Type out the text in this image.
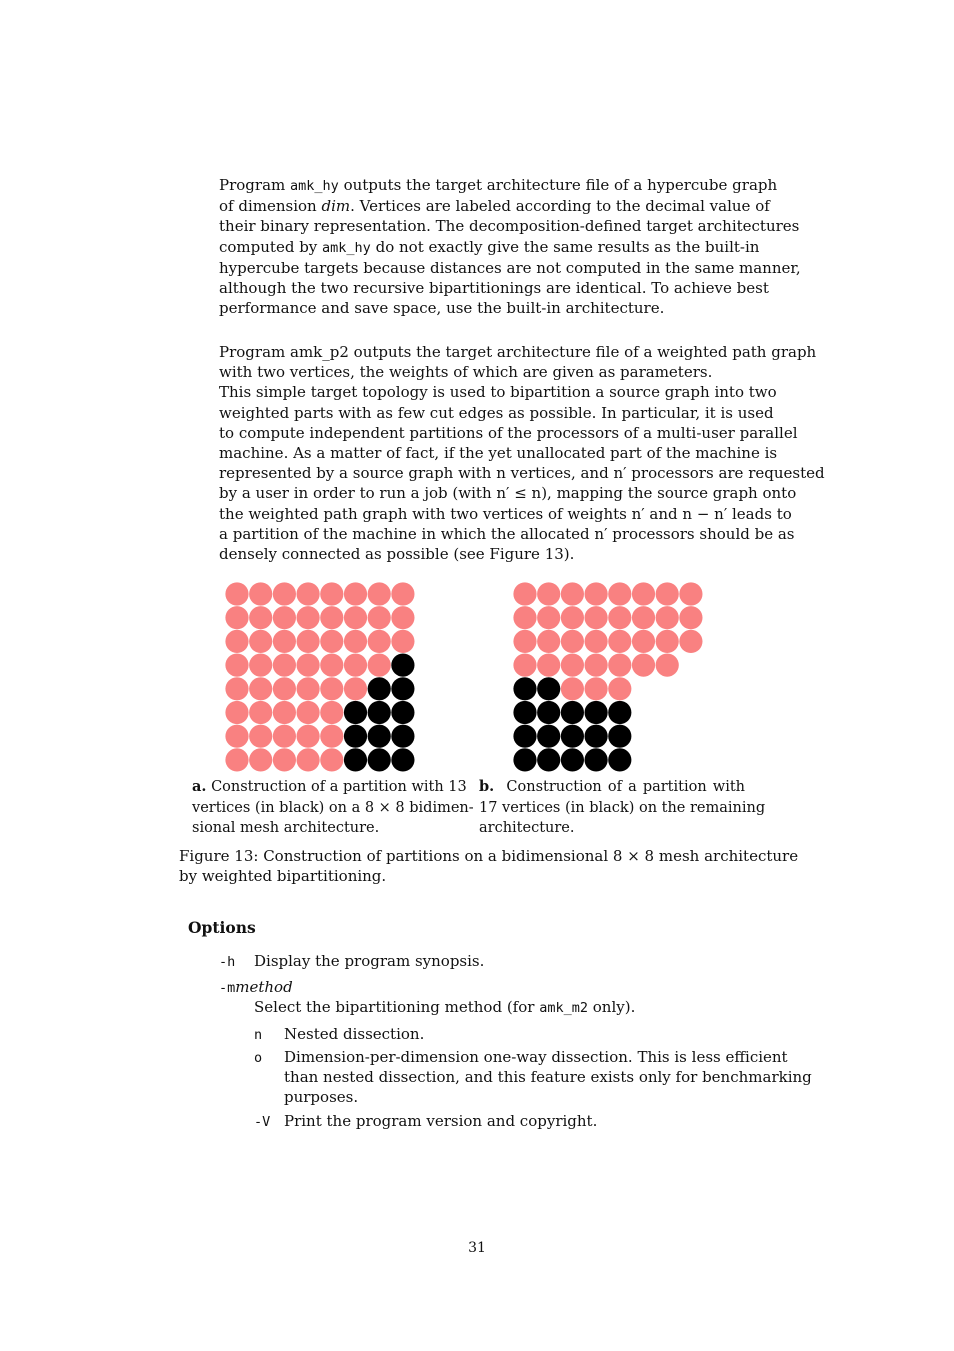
Program amk_hy outputs the target architecture file of a hypercube graph
of dimension dim. Vertices are labeled according to the decimal value of
their binary representation. The decomposition-defined target architectures
computed by amk_hy do not exactly give the same results as the built-in
hypercube targets because distances are not computed in the same manner,
although the two recursive bipartitionings are identical. To achieve best
performance and save space, use the built-in architecture.
Program amk_p2 outputs the target architecture file of a weighted path graph
with two vertices, the weights of which are given as parameters.
This simple target topology is used to bipartition a source graph into two
weighted parts with as few cut edges as possible. In particular, it is used
to compute independent partitions of the processors of a multi-user parallel
machine. As a matter of fact, if the yet unallocated part of the machine is
represented by a source graph with n vertices, and n′ processors are requested
by a user in order to run a job (with n′ ≤ n), mapping the source graph onto
the weighted path graph with two vertices of weights n′ and n − n′ leads to
a partition of the machine in which the allocated n′ processors should be as
densely connected as possible (see Figure 13).
a. Construction of a partition with 13
vertices (in black) on a 8 × 8 bidimen-
sional mesh architecture.
b. Construction of a partition with
17 vertices (in black) on the remaining
architecture.
Figure 13: Construction of partitions on a bidimensional 8 × 8 mesh architecture
by weighted bipartitioning.
Options
-h Display the program synopsis.
-mmethod
Select the bipartitioning method (for amk_m2 only).
n Nested dissection.
o Dimension-per-dimension one-way dissection. This is less efficient
than nested dissection, and this feature exists only for benchmarking
purposes.
-V Print the program version and copyright.
31
